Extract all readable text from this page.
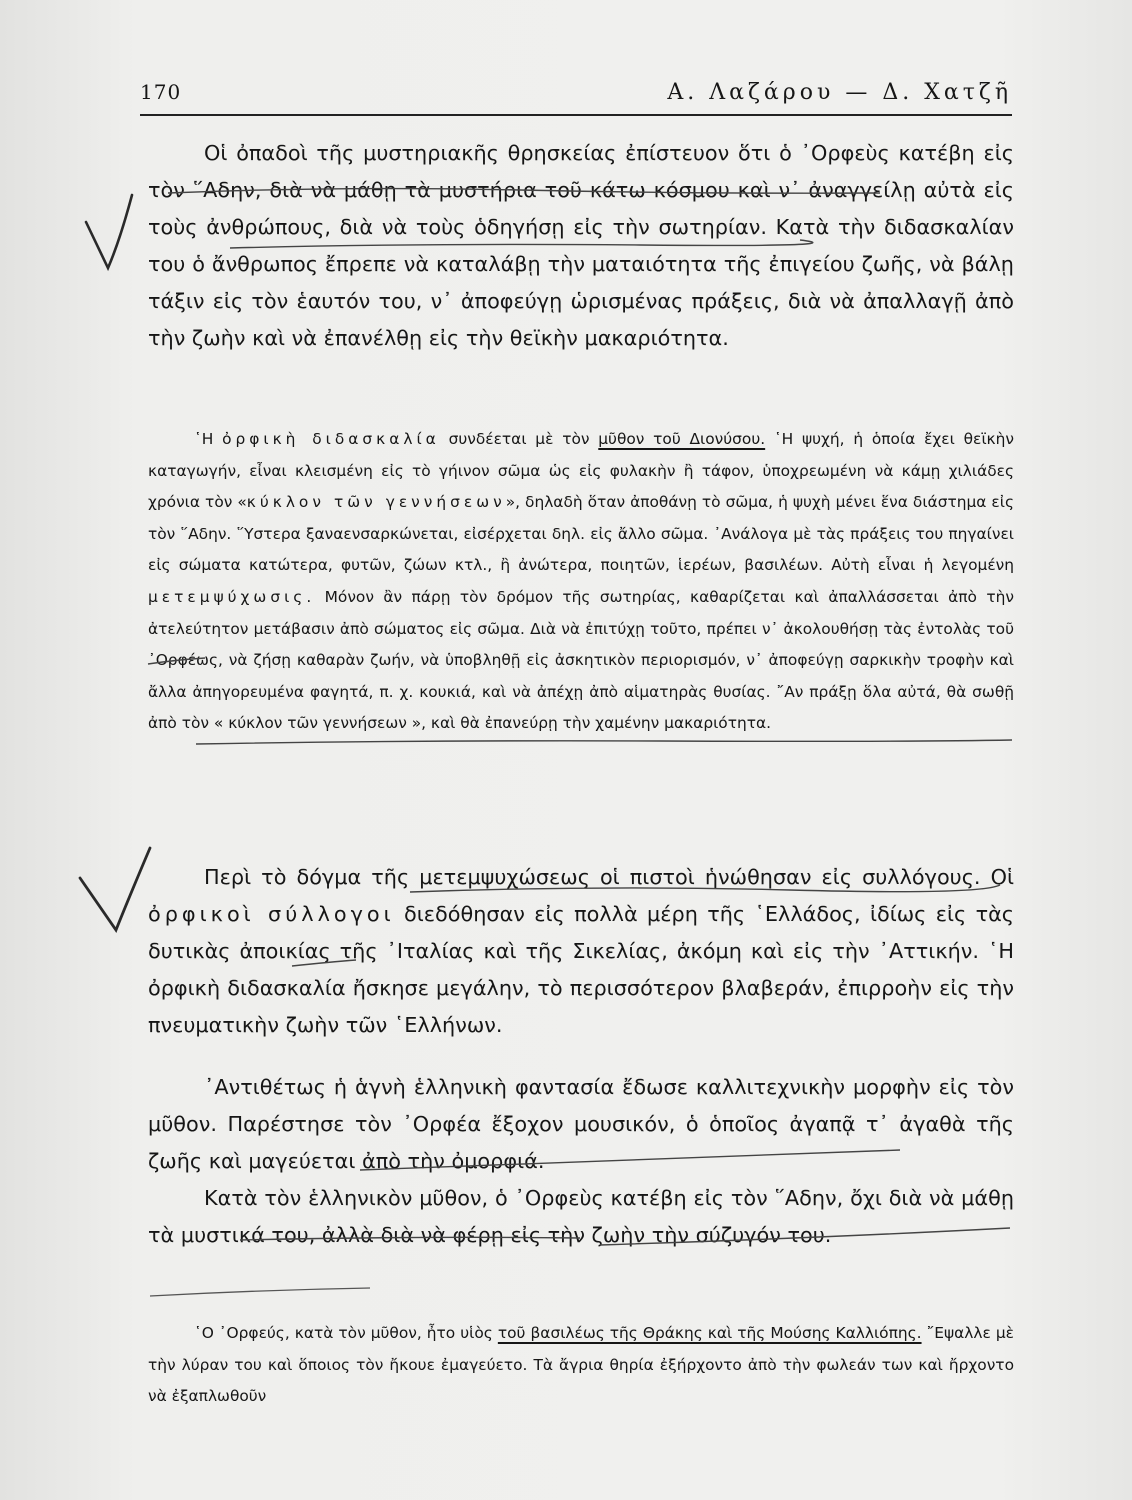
170	Α. Λαζάρου — Δ. Χατζῆ

Οἱ ὀπαδοὶ τῆς μυστηριακῆς θρησκείας ἐπίστευον ὅτι ὁ ᾿Ορφεὺς κατέβη εἰς τὸν ῞Αδην, διὰ νὰ μάθῃ τὰ μυστήρια τοῦ κάτω κόσμου καὶ ν᾿ ἀναγγείλῃ αὐτὰ εἰς τοὺς ἀνθρώπους, διὰ νὰ τοὺς ὁδηγήσῃ εἰς τὴν σωτηρίαν. Κατὰ τὴν διδασκαλίαν του ὁ ἄνθρωπος ἔπρεπε νὰ καταλάβῃ τὴν ματαιότητα τῆς ἐπιγείου ζωῆς, νὰ βάλῃ τάξιν εἰς τὸν ἑαυτόν του, ν᾿ ἀποφεύγῃ ὡρισμένας πράξεις, διὰ νὰ ἀπαλλαγῇ ἀπὸ τὴν ζωὴν καὶ νὰ ἐπανέλθῃ εἰς τὴν θεϊκὴν μακαριότητα.

῾Η ὀρφικὴ διδασκαλία συνδέεται μὲ τὸν μῦθον τοῦ Διονύσου. ῾Η ψυχή, ἡ ὁποία ἔχει θεϊκὴν καταγωγήν, εἶναι κλεισμένη εἰς τὸ γήινον σῶμα ὡς εἰς φυλακὴν ἢ τάφον, ὑποχρεωμένη νὰ κάμῃ χιλιάδες χρόνια τὸν «κύκλον τῶν γεννήσεων», δηλαδὴ ὅταν ἀποθάνῃ τὸ σῶμα, ἡ ψυχὴ μένει ἕνα διάστημα εἰς τὸν ῞Αδην. ῞Υστερα ξαναενσαρκώνεται, εἰσέρχεται δηλ. εἰς ἄλλο σῶμα. ᾿Ανάλογα μὲ τὰς πράξεις του πηγαίνει εἰς σώματα κατώτερα, φυτῶν, ζώων κτλ., ἢ ἀνώτερα, ποιητῶν, ἱερέων, βασιλέων. Αὐτὴ εἶναι ἡ λεγομένη μετεμψύχωσις. Μόνον ἂν πάρῃ τὸν δρόμον τῆς σωτηρίας, καθαρίζεται καὶ ἀπαλλάσσεται ἀπὸ τὴν ἀτελεύτητον μετάβασιν ἀπὸ σώματος εἰς σῶμα. Διὰ νὰ ἐπιτύχῃ τοῦτο, πρέπει ν᾿ ἀκολουθήσῃ τὰς ἐντολὰς τοῦ ᾿Ορφέως, νὰ ζήσῃ καθαρὰν ζωήν, νὰ ὑποβληθῇ εἰς ἀσκητικὸν περιορισμόν, ν᾿ ἀποφεύγῃ σαρκικὴν τροφὴν καὶ ἄλλα ἀπηγορευμένα φαγητά, π. χ. κουκιά, καὶ νὰ ἀπέχῃ ἀπὸ αἱματηρὰς θυσίας. ῎Αν πράξῃ ὅλα αὐτά, θὰ σωθῇ ἀπὸ τὸν « κύκλον τῶν γεννήσεων », καὶ θὰ ἐπανεύρῃ τὴν χαμένην μακαριότητα.

Περὶ τὸ δόγμα τῆς μετεμψυχώσεως οἱ πιστοὶ ἡνώθησαν εἰς συλλόγους. Οἱ ὀρφικοὶ σύλλογοι διεδόθησαν εἰς πολλὰ μέρη τῆς ῾Ελλάδος, ἰδίως εἰς τὰς δυτικὰς ἀποικίας τῆς ᾿Ιταλίας καὶ τῆς Σικελίας, ἀκόμη καὶ εἰς τὴν ᾿Αττικήν. ῾Η ὀρφικὴ διδασκαλία ἤσκησε μεγάλην, τὸ περισσότερον βλαβεράν, ἐπιρροὴν εἰς τὴν πνευματικὴν ζωὴν τῶν ῾Ελλήνων.

᾿Αντιθέτως ἡ ἁγνὴ ἑλληνικὴ φαντασία ἔδωσε καλλιτεχνικὴν μορφὴν εἰς τὸν μῦθον. Παρέστησε τὸν ᾿Ορφέα ἔξοχον μουσικόν, ὁ ὁποῖος ἀγαπᾷ τ᾿ ἀγαθὰ τῆς ζωῆς καὶ μαγεύεται ἀπὸ τὴν ὀμορφιά.

Κατὰ τὸν ἑλληνικὸν μῦθον, ὁ ᾿Ορφεὺς κατέβη εἰς τὸν ῞Αδην, ὄχι διὰ νὰ μάθῃ τὰ μυστικά του, ἀλλὰ διὰ νὰ φέρῃ εἰς τὴν ζωὴν τὴν σύζυγόν του.

῾Ο ᾿Ορφεύς, κατὰ τὸν μῦθον, ἦτο υἱὸς τοῦ βασιλέως τῆς Θράκης καὶ τῆς Μούσης Καλλιόπης. ῎Εψαλλε μὲ τὴν λύραν του καὶ ὅποιος τὸν ἤκουε ἐμαγεύετο. Τὰ ἄγρια θηρία ἐξήρχοντο ἀπὸ τὴν φωλεάν των καὶ ἤρχοντο νὰ ἐξαπλωθοῦν
